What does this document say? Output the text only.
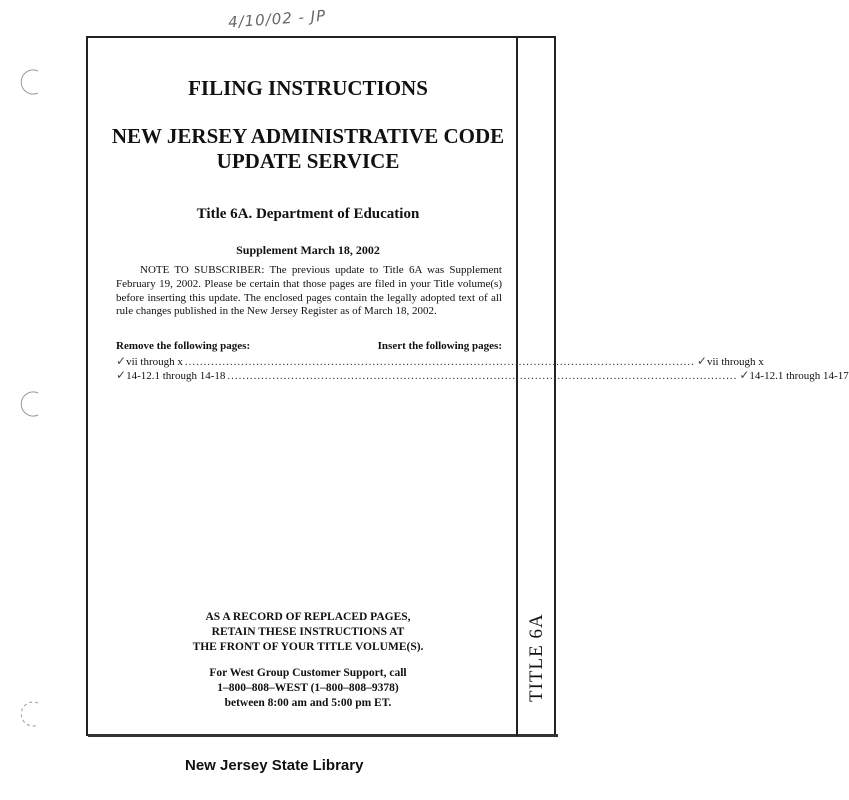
4/10/02 - JP
TITLE 6A
FILING INSTRUCTIONS
NEW JERSEY ADMINISTRATIVE CODE
UPDATE SERVICE
Title 6A. Department of Education
Supplement March 18, 2002
NOTE TO SUBSCRIBER: The previous update to Title 6A was Supplement February 19, 2002. Please be certain that those pages are filed in your Title volume(s) before inserting this update. The enclosed pages contain the legally adopted text of all rule changes published in the New Jersey Register as of March 18, 2002.
Remove the following pages:	Insert the following pages:
✓ vii through x ........................................................................................................................................ ✓ vii through x
✓ 14-12.1 through 14-18 ........................................................................................................................................ ✓ 14-12.1 through 14-17
AS A RECORD OF REPLACED PAGES,
RETAIN THESE INSTRUCTIONS AT
THE FRONT OF YOUR TITLE VOLUME(S).
For West Group Customer Support, call
1–800–808–WEST (1–800–808–9378)
between 8:00 am and 5:00 pm ET.
New Jersey State Library
